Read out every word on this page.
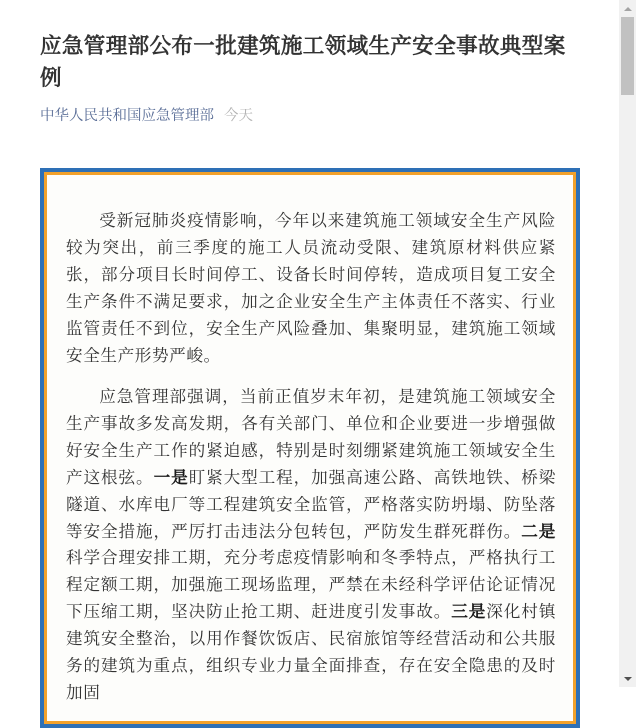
应急管理部公布一批建筑施工领域生产安全事故典型案例
中华人民共和国应急管理部 今天

受新冠肺炎疫情影响，今年以来建筑施工领域安全生产风险较为突出，前三季度的施工人员流动受限、建筑原材料供应紧张，部分项目长时间停工、设备长时间停转，造成项目复工安全生产条件不满足要求，加之企业安全生产主体责任不落实、行业监管责任不到位，安全生产风险叠加、集聚明显，建筑施工领域安全生产形势严峻。

应急管理部强调，当前正值岁末年初，是建筑施工领域安全生产事故多发高发期，各有关部门、单位和企业要进一步增强做好安全生产工作的紧迫感，特别是时刻绷紧建筑施工领域安全生产这根弦。一是盯紧大型工程，加强高速公路、高铁地铁、桥梁隧道、水库电厂等工程建筑安全监管，严格落实防坍塌、防坠落等安全措施，严厉打击违法分包转包，严防发生群死群伤。二是科学合理安排工期，充分考虑疫情影响和冬季特点，严格执行工程定额工期，加强施工现场监理，严禁在未经科学评估论证情况下压缩工期，坚决防止抢工期、赶进度引发事故。三是深化村镇建筑安全整治，以用作餐饮饭店、民宿旅馆等经营活动和公共服务的建筑为重点，组织专业力量全面排查，存在安全隐患的及时加固
